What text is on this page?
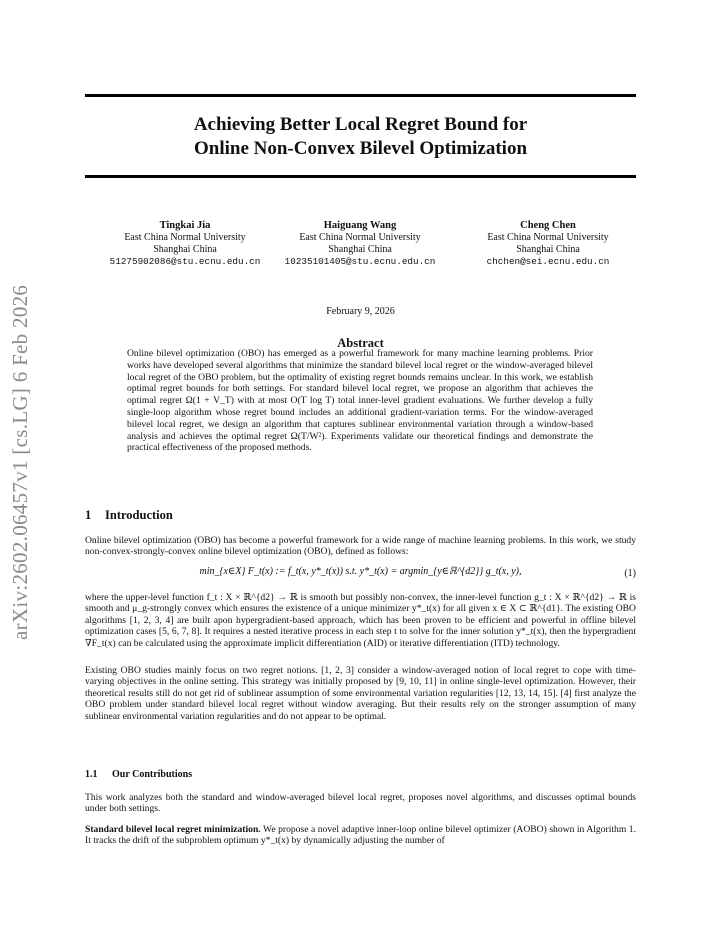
arXiv:2602.06457v1 [cs.LG] 6 Feb 2026
Achieving Better Local Regret Bound for
Online Non-Convex Bilevel Optimization
Tingkai Jia
East China Normal University
Shanghai China
51275902086@stu.ecnu.edu.cn
Haiguang Wang
East China Normal University
Shanghai China
10235101405@stu.ecnu.edu.cn
Cheng Chen
East China Normal University
Shanghai China
chchen@sei.ecnu.edu.cn
February 9, 2026
Abstract
Online bilevel optimization (OBO) has emerged as a powerful framework for many machine learning problems. Prior works have developed several algorithms that minimize the standard bilevel local regret or the window-averaged bilevel local regret of the OBO problem, but the optimality of existing regret bounds remains unclear. In this work, we establish optimal regret bounds for both settings. For standard bilevel local regret, we propose an algorithm that achieves the optimal regret Ω(1 + V_T) with at most O(T log T) total inner-level gradient evaluations. We further develop a fully single-loop algorithm whose regret bound includes an additional gradient-variation terms. For the window-averaged bilevel local regret, we design an algorithm that captures sublinear environmental variation through a window-based analysis and achieves the optimal regret Ω(T/W²). Experiments validate our theoretical findings and demonstrate the practical effectiveness of the proposed methods.
1 Introduction
Online bilevel optimization (OBO) has become a powerful framework for a wide range of machine learning problems. In this work, we study non-convex-strongly-convex online bilevel optimization (OBO), defined as follows:
min_{x∈X} F_t(x) := f_t(x, y*_t(x)) s.t. y*_t(x) = argmin_{y∈ℝ^{d2}} g_t(x, y),	(1)
where the upper-level function f_t : X × ℝ^{d2} → ℝ is smooth but possibly non-convex, the inner-level function g_t : X × ℝ^{d2} → ℝ is smooth and μ_g-strongly convex which ensures the existence of a unique minimizer y*_t(x) for all given x ∈ X ⊂ ℝ^{d1}. The existing OBO algorithms [1, 2, 3, 4] are built apon hypergradient-based approach, which has been proven to be efficient and powerful in offline bilevel optimization cases [5, 6, 7, 8]. It requires a nested iterative process in each step t to solve for the inner solution y*_t(x), then the hypergradient ∇F_t(x) can be calculated using the approximate implicit differentiation (AID) or iterative differentiation (ITD) technology.
Existing OBO studies mainly focus on two regret notions. [1, 2, 3] consider a window-averaged notion of local regret to cope with time-varying objectives in the online setting. This strategy was initially proposed by [9, 10, 11] in online single-level optimization. However, their theoretical results still do not get rid of sublinear assumption of some environmental variation regularities [12, 13, 14, 15]. [4] first analyze the OBO problem under standard bilevel local regret without window averaging. But their results rely on the stronger assumption of many sublinear environmental variation regularities and do not appear to be optimal.
1.1 Our Contributions
This work analyzes both the standard and window-averaged bilevel local regret, proposes novel algorithms, and discusses optimal bounds under both settings.
Standard bilevel local regret minimization. We propose a novel adaptive inner-loop online bilevel optimizer (AOBO) shown in Algorithm 1. It tracks the drift of the subproblem optimum y*_t(x) by dynamically adjusting the number of
